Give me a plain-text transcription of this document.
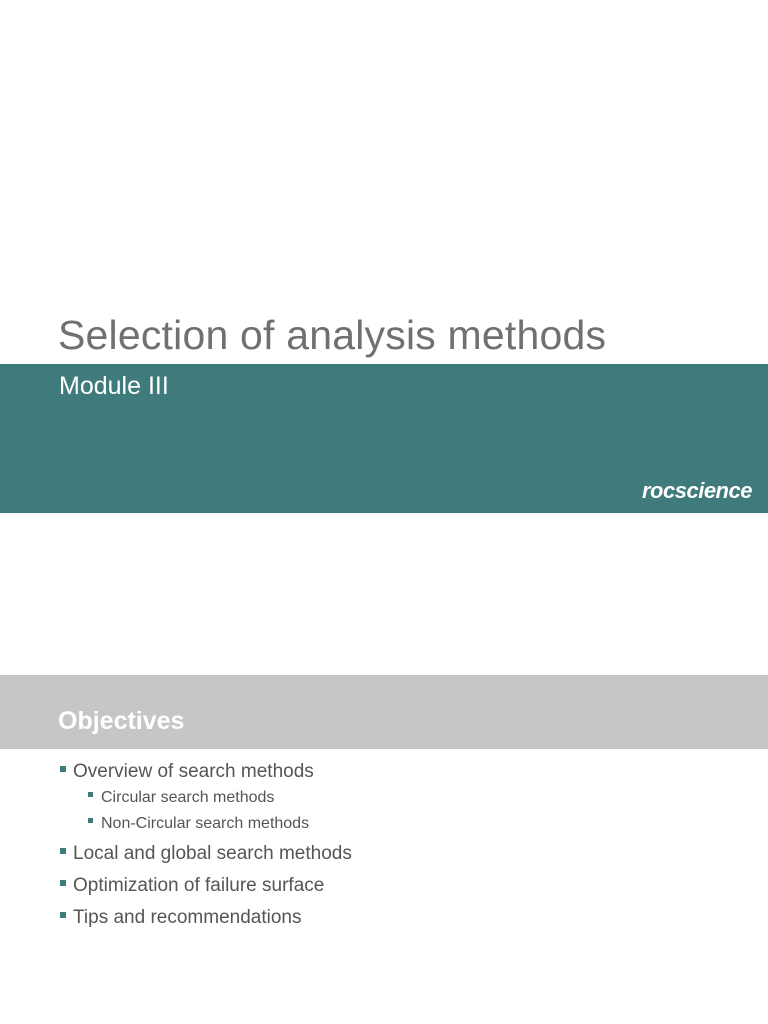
Selection of analysis methods
Module III
rocscience
Objectives
Overview of search methods
Circular search methods
Non-Circular search methods
Local and global search methods
Optimization of failure surface
Tips and recommendations
